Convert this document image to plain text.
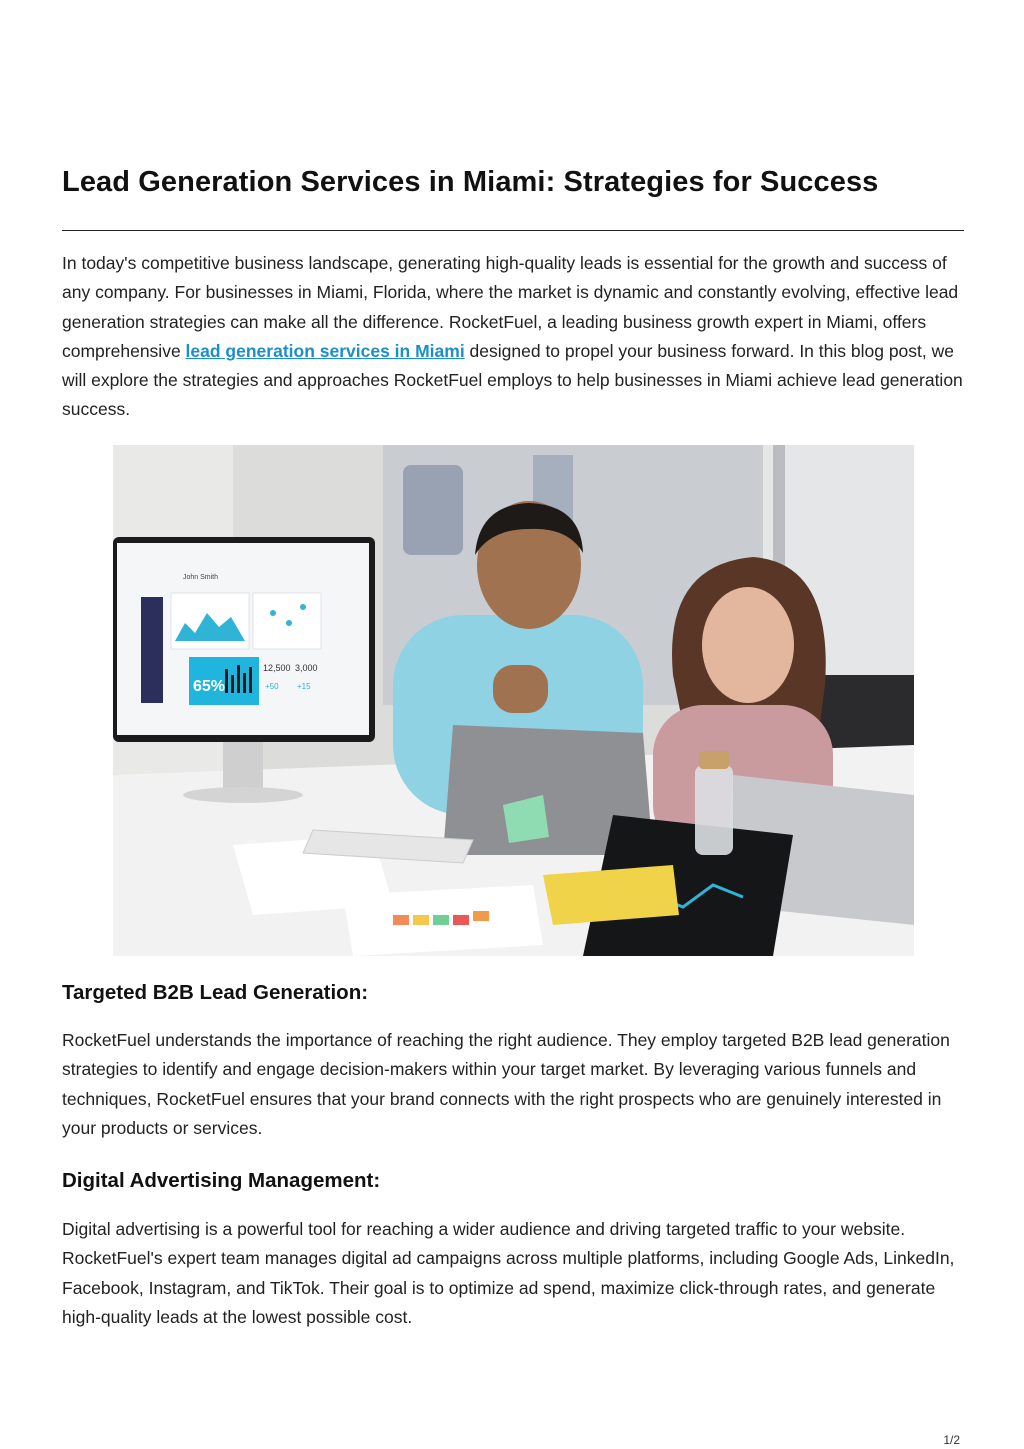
Lead Generation Services in Miami: Strategies for Success

In today's competitive business landscape, generating high-quality leads is essential for the growth and success of any company. For businesses in Miami, Florida, where the market is dynamic and constantly evolving, effective lead generation strategies can make all the difference. RocketFuel, a leading business growth expert in Miami, offers comprehensive lead generation services in Miami designed to propel your business forward. In this blog post, we will explore the strategies and approaches RocketFuel employs to help businesses in Miami achieve lead generation success.

65%
12,500 3,000
+50 +15
John Smith
Targeted B2B Lead Generation:

RocketFuel understands the importance of reaching the right audience. They employ targeted B2B lead generation strategies to identify and engage decision-makers within your target market. By leveraging various funnels and techniques, RocketFuel ensures that your brand connects with the right prospects who are genuinely interested in your products or services.

Digital Advertising Management:

Digital advertising is a powerful tool for reaching a wider audience and driving targeted traffic to your website. RocketFuel's expert team manages digital ad campaigns across multiple platforms, including Google Ads, LinkedIn, Facebook, Instagram, and TikTok. Their goal is to optimize ad spend, maximize click-through rates, and generate high-quality leads at the lowest possible cost.

1/2
